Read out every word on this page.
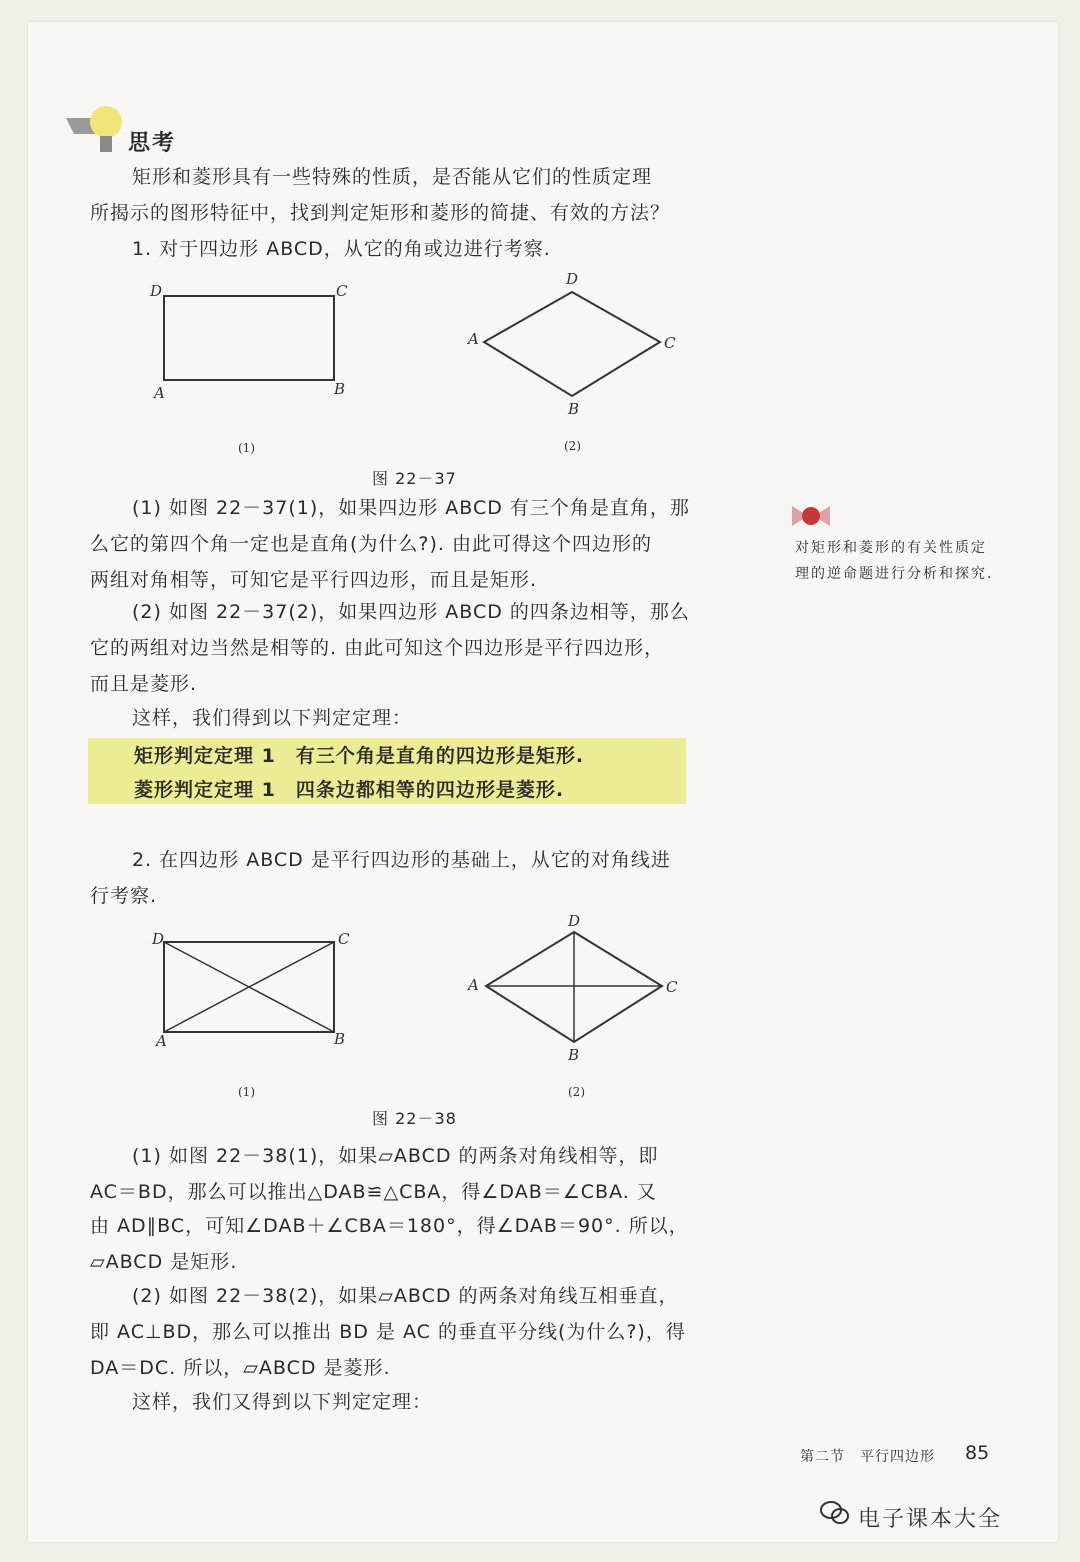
思考
矩形和菱形具有一些特殊的性质，是否能从它们的性质定理
所揭示的图形特征中，找到判定矩形和菱形的简捷、有效的方法？
1. 对于四边形 ABCD，从它的角或边进行考察.
D	C
A	B
(1)
D
C
A
B
(2)
图 22－37
(1) 如图 22－37(1)，如果四边形 ABCD 有三个角是直角，那
么它的第四个角一定也是直角(为什么?). 由此可得这个四边形的
两组对角相等，可知它是平行四边形，而且是矩形.
(2) 如图 22－37(2)，如果四边形 ABCD 的四条边相等，那么
它的两组对边当然是相等的. 由此可知这个四边形是平行四边形，
而且是菱形.
这样，我们得到以下判定定理：
矩形判定定理 1　有三个角是直角的四边形是矩形.
菱形判定定理 1　四条边都相等的四边形是菱形.
2. 在四边形 ABCD 是平行四边形的基础上，从它的对角线进
行考察.
D	C
A	B
(1)
D
C
A
B
(2)
图 22－38
(1) 如图 22－38(1)，如果▱ABCD 的两条对角线相等，即
AC＝BD，那么可以推出△DAB≌△CBA，得∠DAB＝∠CBA. 又
由 AD∥BC，可知∠DAB＋∠CBA＝180°，得∠DAB＝90°. 所以，
▱ABCD 是矩形.
(2) 如图 22－38(2)，如果▱ABCD 的两条对角线互相垂直，
即 AC⊥BD，那么可以推出 BD 是 AC 的垂直平分线(为什么?)，得
DA＝DC. 所以，▱ABCD 是菱形.
这样，我们又得到以下判定定理：
对矩形和菱形的有关性质定理的逆命题进行分析和探究.
第二节　平行四边形 85
电子课本大全
